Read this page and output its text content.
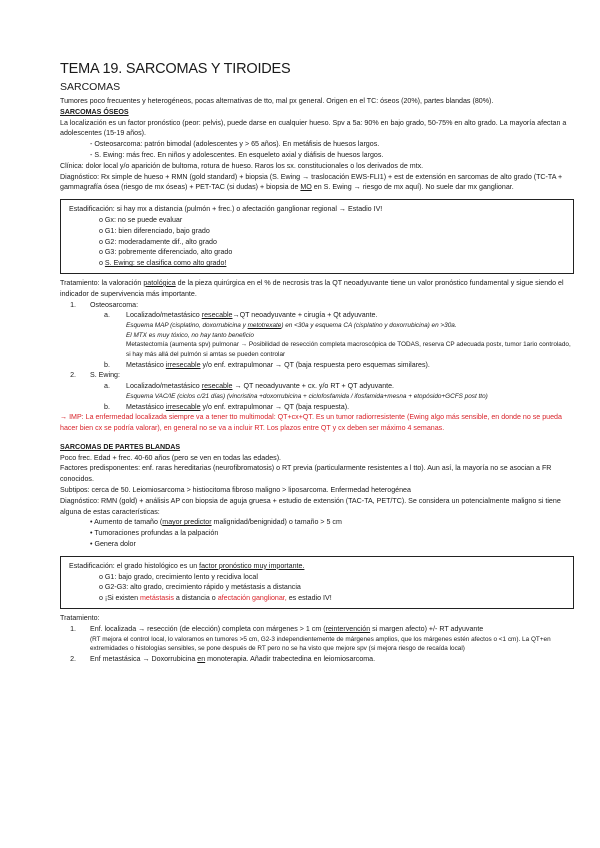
TEMA 19. SARCOMAS Y TIROIDES
SARCOMAS

Tumores poco frecuentes y heterogéneos, pocas alternativas de tto, mal px general. Origen en el TC: óseos (20%), partes blandas (80%).

SARCOMAS ÓSEOS

La localización es un factor pronóstico (peor: pelvis), puede darse en cualquier hueso. Spv a 5a: 90% en bajo grado, 50-75% en alto grado. La mayoría afectan a adolescentes (15-19 años).

- Osteosarcoma: patrón bimodal (adolescentes y > 65 años). En metáfisis de huesos largos.

- S. Ewing: más frec. En niños y adolescentes. En esqueleto axial y diáfisis de huesos largos.

Clínica: dolor local y/o aparición de bultoma, rotura de hueso. Raros los sx. constitucionales o los derivados de mtx.

Diagnóstico: Rx simple de hueso + RMN (gold standard) + biopsia (S. Ewing → traslocación EWS-FLI1) + est de extensión en sarcomas de alto grado (TC-TA + gammagrafía ósea (riesgo de mx óseas) + PET-TAC (si dudas) + biopsia de MO en S. Ewing → riesgo de mx aquí). No suele dar mx ganglionar.

Estadificación: si hay mx a distancia (pulmón + frec.) o afectación ganglionar regional → Estadio IV!

o Gx: no se puede evaluar

o G1: bien diferenciado, bajo grado

o G2: moderadamente dif., alto grado

o G3: pobremente diferenciado, alto grado

o S. Ewing: se clasifica como alto grado!

Tratamiento: la valoración patológica de la pieza quirúrgica en el % de necrosis tras la QT neoadyuvante tiene un valor pronóstico fundamental y sigue siendo el indicador de supervivencia más importante.

1.	Osteosarcoma:
a.	Localizado/metastásico resecable→QT neoadyuvante + cirugía + Qt adyuvante.

Esquema MAP (cisplatino, doxorrubicina y metotrexate) en <30a y esquema CA (cisplatino y doxorrubicina) en >30a.

El MTX es muy tóxico, no hay tanto beneficio

Metastectomía (aumenta spv) pulmonar → Posibilidad de resección completa macroscópica de TODAS, reserva CP adecuada postx, tumor 1ario controlado, si hay más allá del pulmón si amtas se pueden controlar

b.	Metastásico irresecable y/o enf. extrapulmonar → QT (baja respuesta pero esquemas similares).
2.	S. Ewing:
a.	Localizado/metastásico resecable → QT neoadyuvante + cx. y/o RT + QT adyuvante.

Esquema VAC/IE (ciclos c/21 días) (vincristina +doxorrubicina + ciclofosfamida / ifosfamida+mesna + etopósido+GCFS post tto)

b.	Metastásico irresecable y/o enf. extrapulmonar → QT (baja respuesta).

→ IMP: La enfermedad localizada siempre va a tener tto multimodal: QT+cx+QT. Es un tumor radiorresistente (Ewing algo más sensible, en donde no se pueda hacer bien cx se podría valorar), en general no se va a incluir RT. Los plazos entre QT y cx deben ser máximo 4 semanas.

SARCOMAS DE PARTES BLANDAS

Poco frec. Edad + frec. 40-60 años (pero se ven en todas las edades).

Factores predisponentes: enf. raras hereditarias (neurofibromatosis) o RT previa (particularmente resistentes a l tto). Aun así, la mayoría no se asocian a FR conocidos.

Subtipos: cerca de 50. Leiomiosarcoma > histiocitoma fibroso maligno > liposarcoma. Enfermedad heterogénea

Diagnóstico: RMN (gold) + análisis AP con biopsia de aguja gruesa + estudio de extensión (TAC-TA, PET/TC). Se considera un potencialmente maligno si tiene alguna de estas características:

• Aumento de tamaño (mayor predictor malignidad/benignidad) o tamaño > 5 cm

• Tumoraciones profundas a la palpación

• Genera dolor

Estadificación: el grado histológico es un factor pronóstico muy importante.

o G1: bajo grado, crecimiento lento y recidiva local

o G2-G3: alto grado, crecimiento rápido y metástasis a distancia

o ¡Si existen metástasis a distancia o afectación ganglionar, es estadio IV!

Tratamiento:

1.	Enf. localizada → resección (de elección) completa con márgenes > 1 cm (reintervención si margen afecto) +/- RT adyuvante

(RT mejora el control local, lo valoramos en tumores >5 cm, G2-3 independientemente de márgenes amplios, que los márgenes estén afectos o <1 cm). La QT+en extremidades o histologías sensibles, se pone después de RT pero no se ha visto que mejore spv (si mejora riesgo de recaída local)

2.	Enf metastásica → Doxorrubicina en monoterapia. Añadir trabectedina en leiomiosarcoma.
